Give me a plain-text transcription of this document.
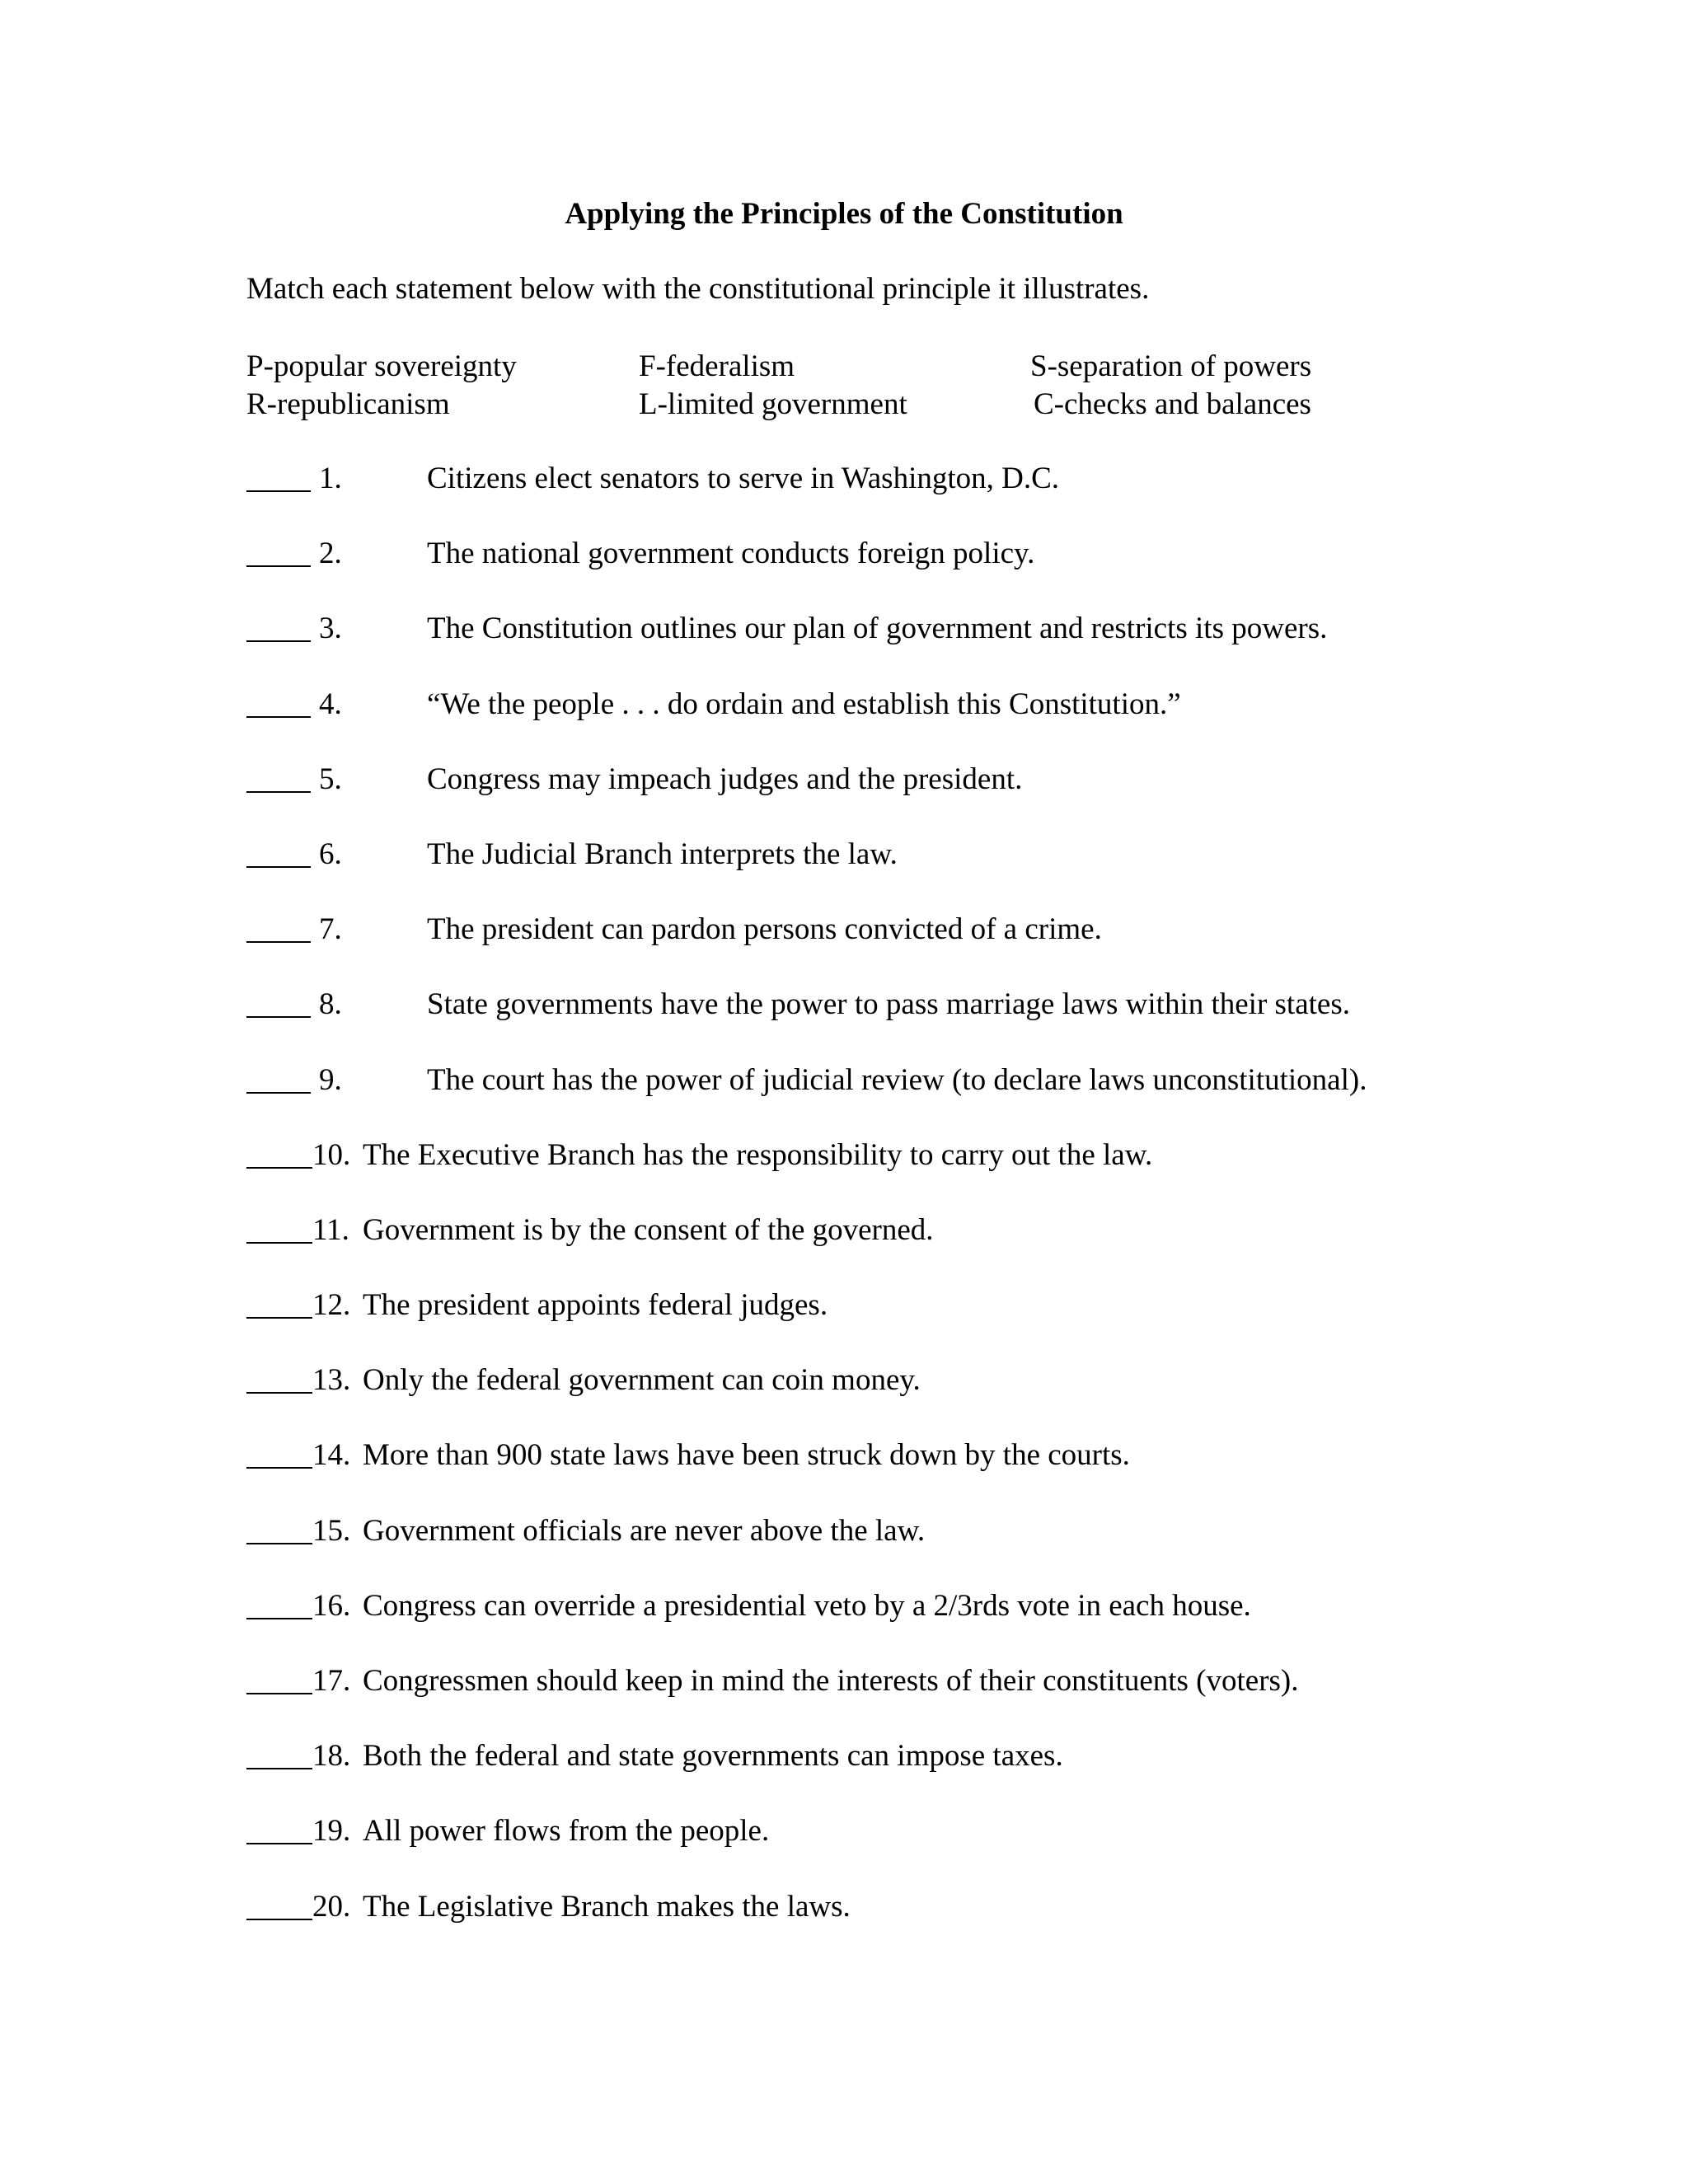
Applying the Principles of the Constitution
Match each statement below with the constitutional principle it illustrates.
P-popular sovereignty	F-federalism	S-separation of powers
R-republicanism	L-limited government	C-checks and balances
1.	Citizens elect senators to serve in Washington, D.C.
2.	The national government conducts foreign policy.
3.	The Constitution outlines our plan of government and restricts its powers.
4.	“We the people . . . do ordain and establish this Constitution.”
5.	Congress may impeach judges and the president.
6.	The Judicial Branch interprets the law.
7.	The president can pardon persons convicted of a crime.
8.	State governments have the power to pass marriage laws within their states.
9.	The court has the power of judicial review (to declare laws unconstitutional).
10. The Executive Branch has the responsibility to carry out the law.
11. Government is by the consent of the governed.
12. The president appoints federal judges.
13. Only the federal government can coin money.
14. More than 900 state laws have been struck down by the courts.
15. Government officials are never above the law.
16. Congress can override a presidential veto by a 2/3rds vote in each house.
17. Congressmen should keep in mind the interests of their constituents (voters).
18. Both the federal and state governments can impose taxes.
19. All power flows from the people.
20. The Legislative Branch makes the laws.
